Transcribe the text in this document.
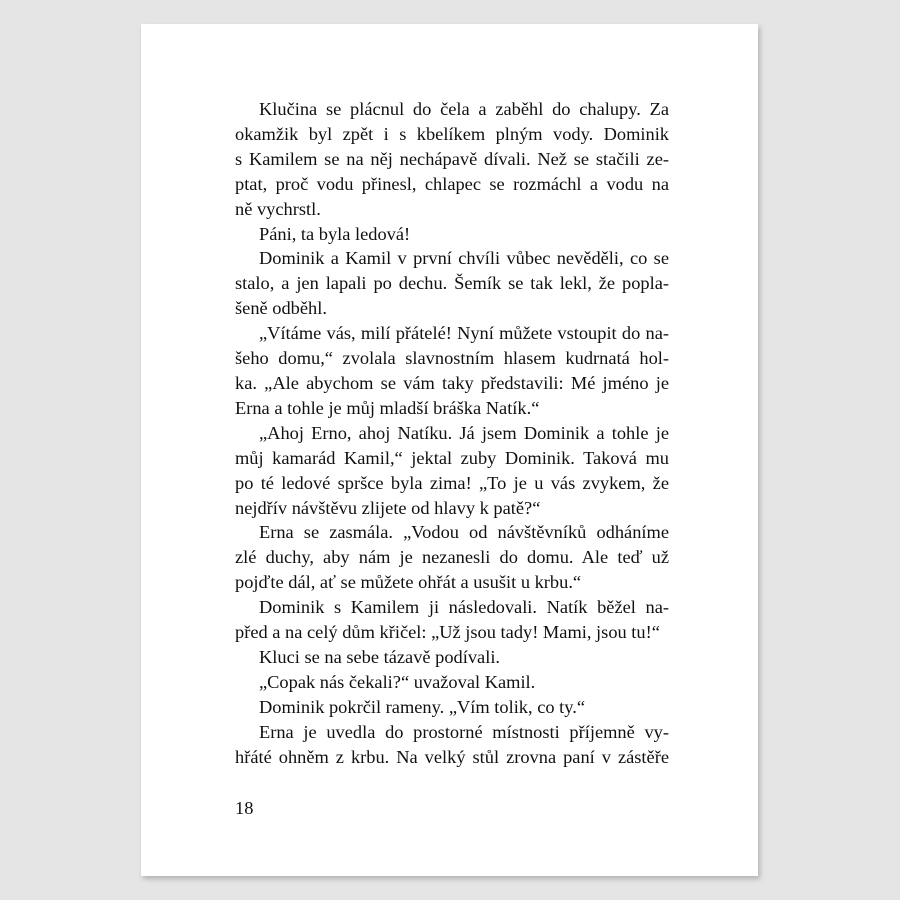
Klučina se plácnul do čela a zaběhl do chalupy. Za
okamžik byl zpět i s kbelíkem plným vody. Dominik
s Kamilem se na něj nechápavě dívali. Než se stačili ze-
ptat, proč vodu přinesl, chlapec se rozmáchl a vodu na
ně vychrstl.
Páni, ta byla ledová!
Dominik a Kamil v první chvíli vůbec nevěděli, co se
stalo, a jen lapali po dechu. Šemík se tak lekl, že popla-
šeně odběhl.
„Vítáme vás, milí přátelé! Nyní můžete vstoupit do na-
šeho domu,“ zvolala slavnostním hlasem kudrnatá hol-
ka. „Ale abychom se vám taky představili: Mé jméno je
Erna a tohle je můj mladší bráška Natík.“
„Ahoj Erno, ahoj Natíku. Já jsem Dominik a tohle je
můj kamarád Kamil,“ jektal zuby Dominik. Taková mu
po té ledové spršce byla zima! „To je u vás zvykem, že
nejdřív návštěvu zlijete od hlavy k patě?“
Erna se zasmála. „Vodou od návštěvníků odháníme
zlé duchy, aby nám je nezanesli do domu. Ale teď už
pojďte dál, ať se můžete ohřát a usušit u krbu.“
Dominik s Kamilem ji následovali. Natík běžel na-
před a na celý dům křičel: „Už jsou tady! Mami, jsou tu!“
Kluci se na sebe tázavě podívali.
„Copak nás čekali?“ uvažoval Kamil.
Dominik pokrčil rameny. „Vím tolik, co ty.“
Erna je uvedla do prostorné místnosti příjemně vy-
hřáté ohněm z krbu. Na velký stůl zrovna paní v zástěře
18
